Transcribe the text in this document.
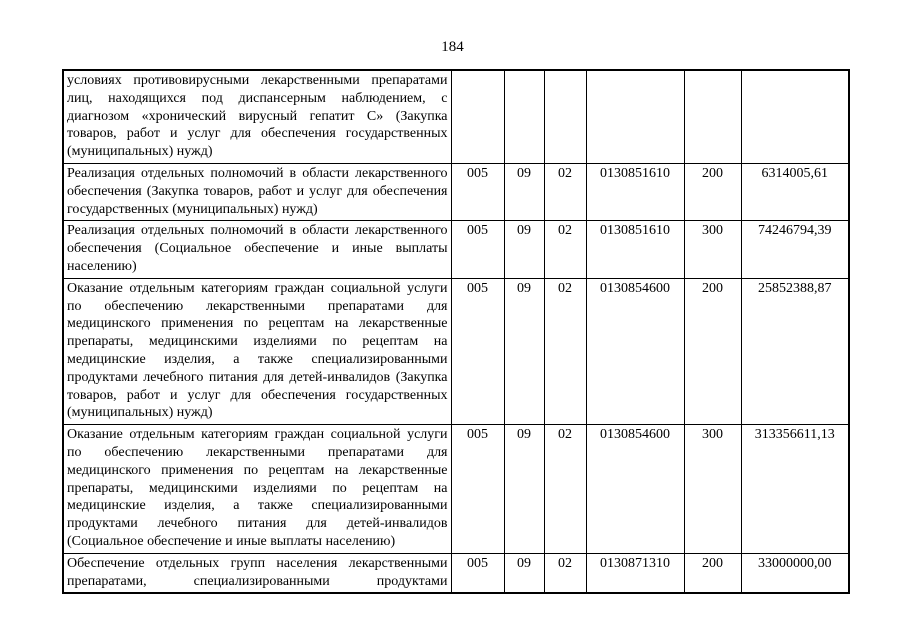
184
условиях противовирусными лекарственными препаратами лиц, находящихся под диспансерным наблюдением, с диагнозом «хронический вирусный гепатит С» (Закупка товаров, работ и услуг для обеспечения государственных (муниципальных) нужд)						
Реализация отдельных полномочий в области лекарственного обеспечения (Закупка товаров, работ и услуг для обеспечения государственных (муниципальных) нужд)	005	09	02	0130851610	200	6314005,61
Реализация отдельных полномочий в области лекарственного обеспечения (Социальное обеспечение и иные выплаты населению)	005	09	02	0130851610	300	74246794,39
Оказание отдельным категориям граждан социальной услуги по обеспечению лекарственными препаратами для медицинского применения по рецептам на лекарственные препараты, медицинскими изделиями по рецептам на медицинские изделия, а также специализированными продуктами лечебного питания для детей-инвалидов (Закупка товаров, работ и услуг для обеспечения государственных (муниципальных) нужд)	005	09	02	0130854600	200	25852388,87
Оказание отдельным категориям граждан социальной услуги по обеспечению лекарственными препаратами для медицинского применения по рецептам на лекарственные препараты, медицинскими изделиями по рецептам на медицинские изделия, а также специализированными продуктами лечебного питания для детей-инвалидов (Социальное обеспечение и иные выплаты населению)	005	09	02	0130854600	300	313356611,13
Обеспечение отдельных групп населения лекарственными препаратами, специализированными продуктами	005	09	02	0130871310	200	33000000,00
